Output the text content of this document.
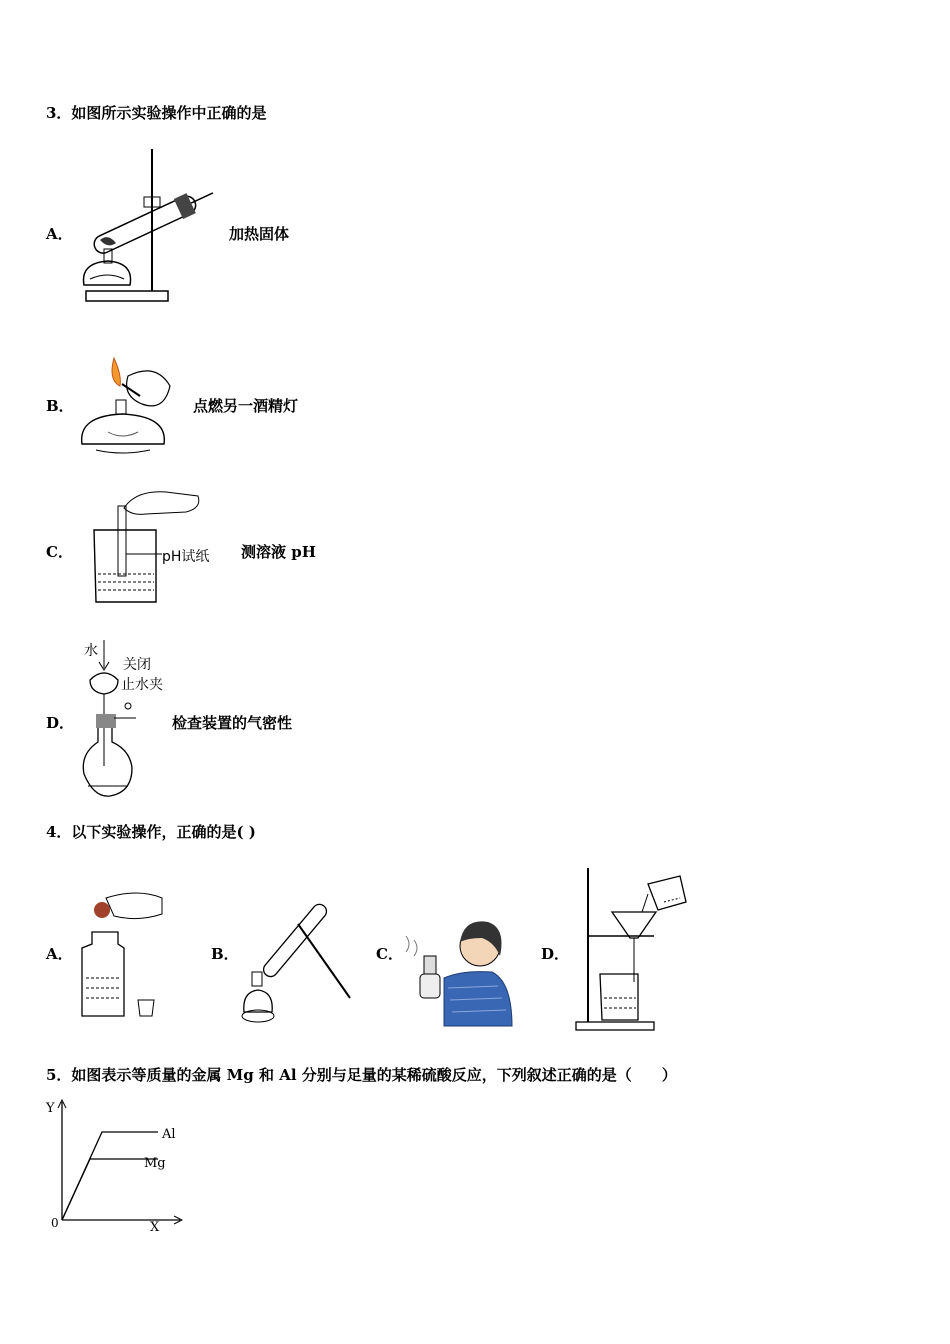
3．如图所示实验操作中正确的是
A．	加热固体
B．	点燃另一酒精灯
C．	pH试纸 测溶液 pH
D．
水
关闭
止水夹
检查装置的气密性
4．以下实验操作，正确的是( )
A．	B．	C．	D．
5．如图表示等质量的金属 Mg 和 Al 分别与足量的某稀硫酸反应，下列叙述正确的是（　　）
Y
X
0
Al
Mg
